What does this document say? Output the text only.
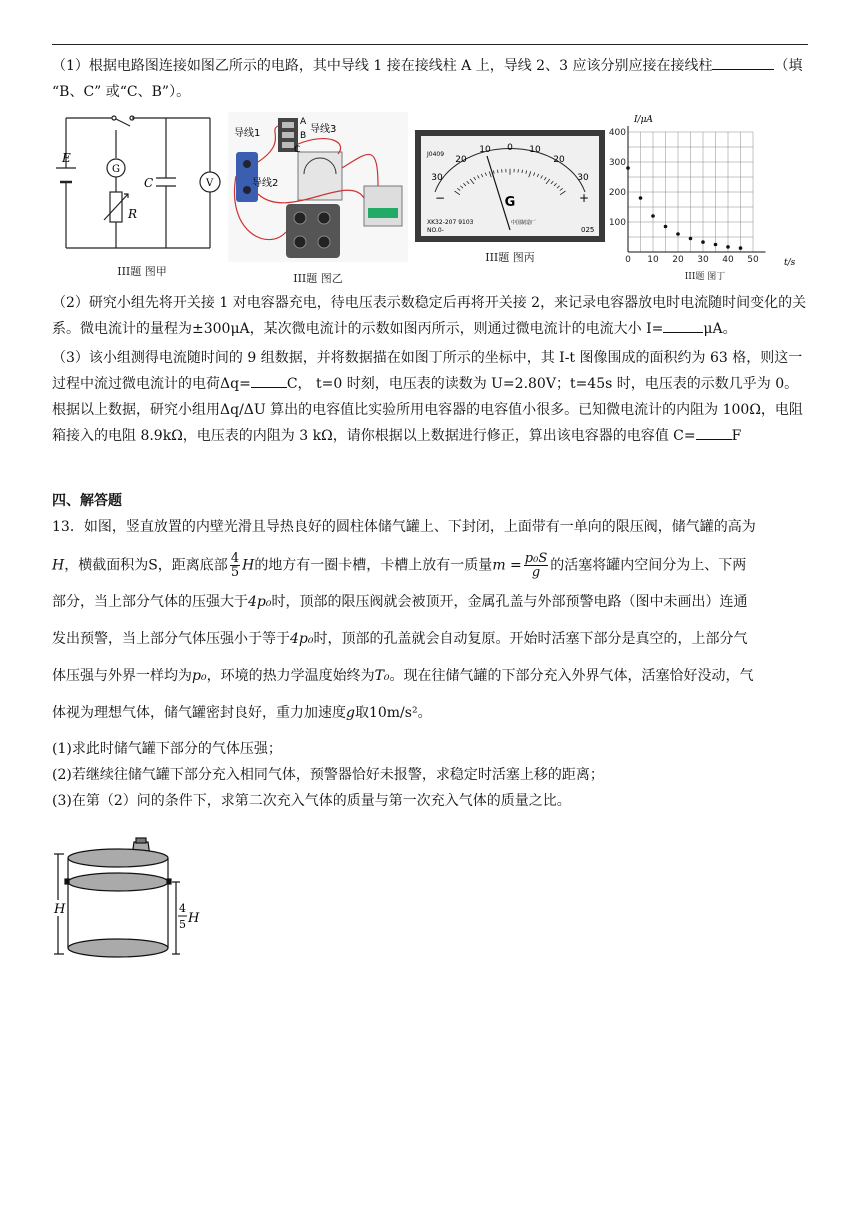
（1）根据电路图连接如图乙所示的电路，其中导线 1 接在接线柱 A 上，导线 2、3 应该分别应接在接线柱	（填
“B、C” 或“C、B”）。
E
G
R
C	V
III题 图甲
导线1	导线3
导线2
A
B
C
III题 图乙
30
20
10 0 10
20
30
G
J0409
XK32-207 9103
NO.0-
中国制造厂
025
−	+
III题 图丙	0 10 20 30 40 50
100
200
300
400
I/μA
t/s
III题 图丁

（2）研究小组先将开关接 1 对电容器充电，待电压表示数稳定后再将开关接 2，来记录电容器放电时电流随时间变化的关系。微电流计的量程为±300μA，某次微电流计的示数如图丙所示，则通过微电流计的电流大小 I=	μA。

（3）该小组测得电流随时间的 9 组数据，并将数据描在如图丁所示的坐标中，其 I-t 图像围成的面积约为 63 格，则这一过程中流过微电流计的电荷Δq=	C， t=0 时刻，电压表的读数为 U=2.80V；t=45s 时，电压表的示数几乎为 0。根据以上数据，研究小组用Δq/ΔU 算出的电容值比实验所用电容器的电容值小很多。已知微电流计的内阻为 100Ω，电阻箱接入的电阻 8.9kΩ，电压表的内阻为 3 kΩ，请你根据以上数据进行修正，算出该电容器的电容值 C=	F

四、解答题
13．如图，竖直放置的内壁光滑且导热良好的圆柱体储气罐上、下封闭，上面带有一单向的限压阀，储气罐的高为
H，横截面积为S，距离底部 $\frac{4}{5}$ H的地方有一圈卡槽，卡槽上放有一质量$m = \frac{\text{p₀S}}{g}$ 的活塞将罐内空间分为上、下两
部分，当上部分气体的压强大于4p₀时，顶部的限压阀就会被顶开，金属孔盖与外部预警电路（图中未画出）连通
发出预警，当上部分气体压强小于等于4p₀时，顶部的孔盖就会自动复原。开始时活塞下部分是真空的，上部分气
体压强与外界一样均为p₀，环境的热力学温度始终为T₀。现在往储气罐的下部分充入外界气体，活塞恰好没动，气
体视为理想气体，储气罐密封良好，重力加速度g取10m/s²。
(1)求此时储气罐下部分的气体压强；
(2)若继续往储气罐下部分充入相同气体，预警器恰好未报警，求稳定时活塞上移的距离；
(3)在第（2）问的条件下，求第二次充入气体的质量与第一次充入气体的质量之比。
H	4
5 H
